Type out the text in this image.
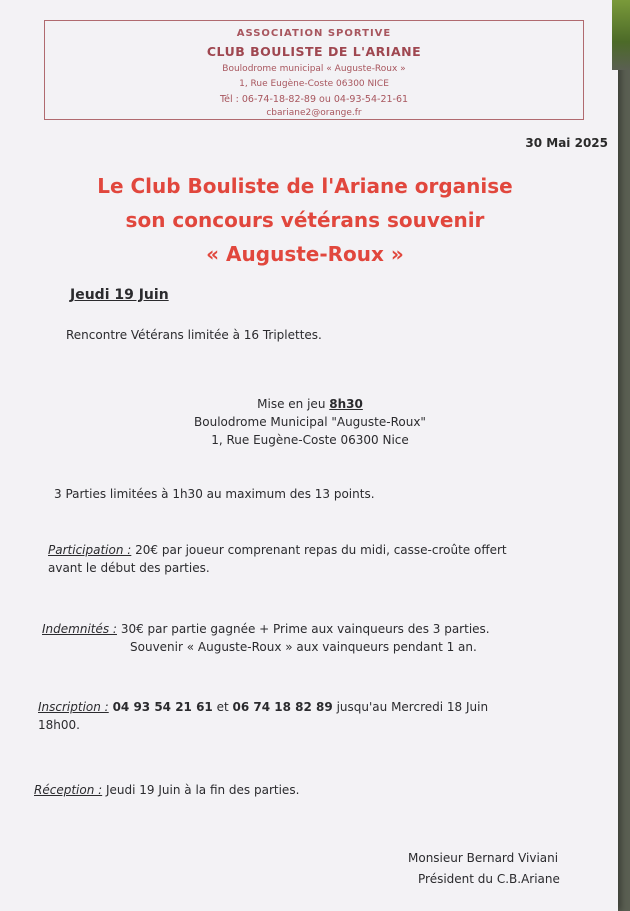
ASSOCIATION SPORTIVE
CLUB BOULISTE DE L'ARIANE
Boulodrome municipal « Auguste-Roux »
1, Rue Eugène-Coste 06300 NICE
Tél : 06-74-18-82-89 ou 04-93-54-21-61
cbariane2@orange.fr
30 Mai 2025
Le Club Bouliste de l'Ariane organise
son concours vétérans souvenir
« Auguste-Roux »
Jeudi 19 Juin
Rencontre Vétérans limitée à 16 Triplettes.
Mise en jeu 8h30
Boulodrome Municipal "Auguste-Roux"
1, Rue Eugène-Coste 06300 Nice
3 Parties limitées à 1h30 au maximum des 13 points.
Participation : 20€ par joueur comprenant repas du midi, casse-croûte offert
avant le début des parties.
Indemnités : 30€ par partie gagnée + Prime aux vainqueurs des 3 parties.
Souvenir « Auguste-Roux » aux vainqueurs pendant 1 an.
Inscription : 04 93 54 21 61 et 06 74 18 82 89 jusqu'au Mercredi 18 Juin
18h00.
Réception : Jeudi 19 Juin à la fin des parties.
Monsieur Bernard Viviani
Président du C.B.Ariane
